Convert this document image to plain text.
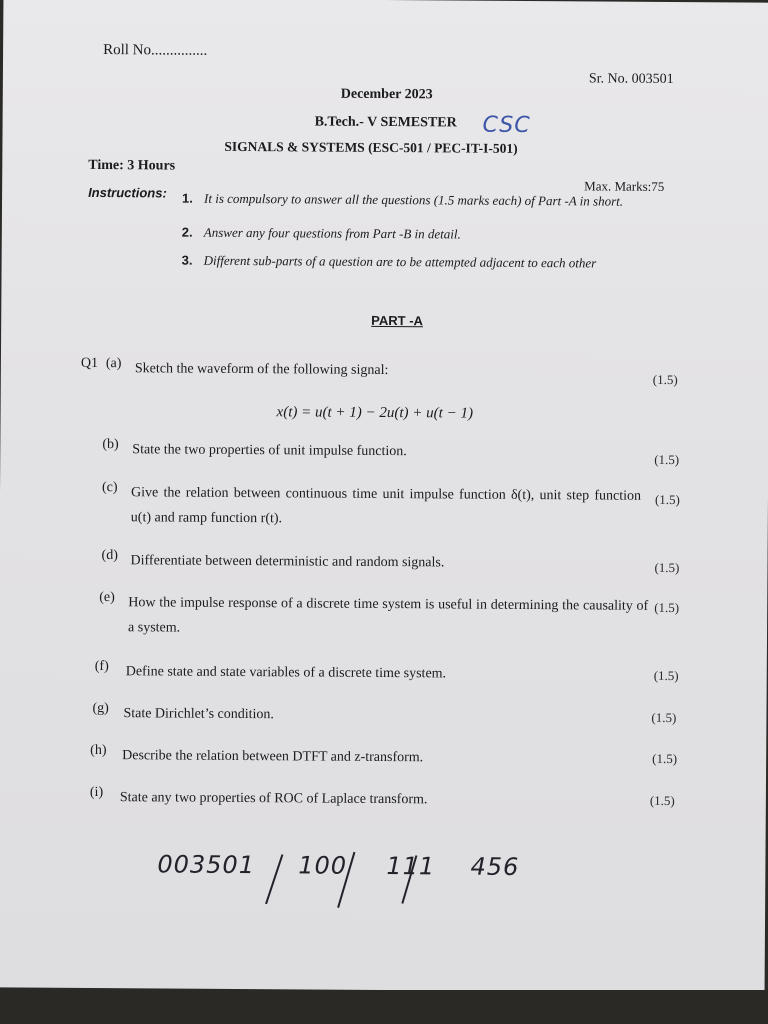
Roll No...............
Sr. No. 003501
December 2023
B.Tech.- V SEMESTER CSC
SIGNALS & SYSTEMS (ESC-501 / PEC-IT-I-501)
Time: 3 Hours
Max. Marks:75
Instructions: 1. It is compulsory to answer all the questions (1.5 marks each) of Part -A in short.
2. Answer any four questions from Part -B in detail.
3. Different sub-parts of a question are to be attempted adjacent to each other
PART -A
Q1 (a) Sketch the waveform of the following signal:
(1.5)
x(t) = u(t + 1) − 2u(t) + u(t − 1)
(b) State the two properties of unit impulse function.
(1.5)
(c) Give the relation between continuous time unit impulse function δ(t), unit step function u(t) and ramp function r(t).
(1.5)
(d) Differentiate between deterministic and random signals.	(1.5)
(e) How the impulse response of a discrete time system is useful in determining the causality of a system.
(1.5)
(f) Define state and state variables of a discrete time system.	(1.5)
(g) State Dirichlet’s condition.	(1.5)
(h) Describe the relation between DTFT and z-transform.	(1.5)
(i) State any two properties of ROC of Laplace transform.	(1.5)
003501 100 111 456
